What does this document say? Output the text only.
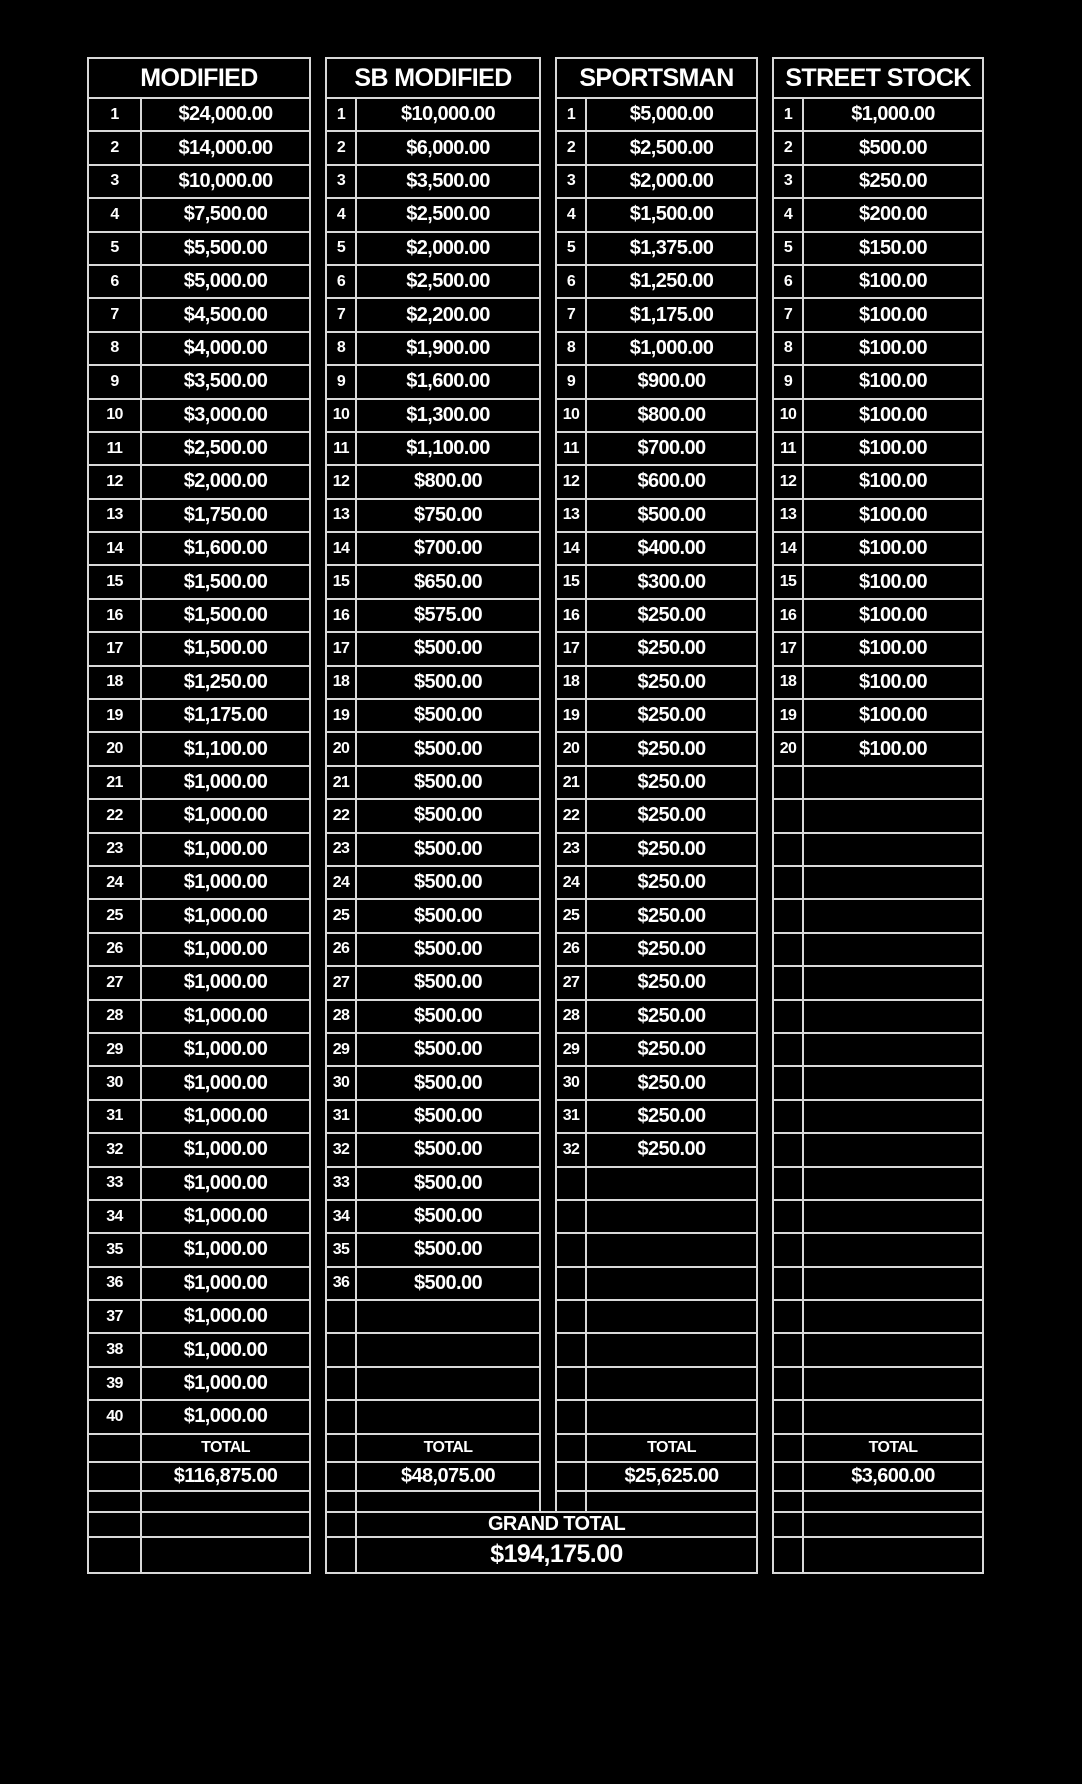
MODIFIED			SB MODIFIED			SPORTSMAN			STREET STOCK	
1	$24,000.00		1	$10,000.00		1	$5,000.00		1	$1,000.00
2	$14,000.00		2	$6,000.00		2	$2,500.00		2	$500.00
3	$10,000.00		3	$3,500.00		3	$2,000.00		3	$250.00
4	$7,500.00		4	$2,500.00		4	$1,500.00		4	$200.00
5	$5,500.00		5	$2,000.00		5	$1,375.00		5	$150.00
6	$5,000.00		6	$2,500.00		6	$1,250.00		6	$100.00
7	$4,500.00		7	$2,200.00		7	$1,175.00		7	$100.00
8	$4,000.00		8	$1,900.00		8	$1,000.00		8	$100.00
9	$3,500.00		9	$1,600.00		9	$900.00		9	$100.00
10	$3,000.00		10	$1,300.00		10	$800.00		10	$100.00
11	$2,500.00		11	$1,100.00		11	$700.00		11	$100.00
12	$2,000.00		12	$800.00		12	$600.00		12	$100.00
13	$1,750.00		13	$750.00		13	$500.00		13	$100.00
14	$1,600.00		14	$700.00		14	$400.00		14	$100.00
15	$1,500.00		15	$650.00		15	$300.00		15	$100.00
16	$1,500.00		16	$575.00		16	$250.00		16	$100.00
17	$1,500.00		17	$500.00		17	$250.00		17	$100.00
18	$1,250.00		18	$500.00		18	$250.00		18	$100.00
19	$1,175.00		19	$500.00		19	$250.00		19	$100.00
20	$1,100.00		20	$500.00		20	$250.00		20	$100.00
21	$1,000.00		21	$500.00		21	$250.00			
22	$1,000.00		22	$500.00		22	$250.00			
23	$1,000.00		23	$500.00		23	$250.00			
24	$1,000.00		24	$500.00		24	$250.00			
25	$1,000.00		25	$500.00		25	$250.00			
26	$1,000.00		26	$500.00		26	$250.00			
27	$1,000.00		27	$500.00		27	$250.00			
28	$1,000.00		28	$500.00		28	$250.00			
29	$1,000.00		29	$500.00		29	$250.00			
30	$1,000.00		30	$500.00		30	$250.00			
31	$1,000.00		31	$500.00		31	$250.00			
32	$1,000.00		32	$500.00		32	$250.00			
33	$1,000.00		33	$500.00						
34	$1,000.00		34	$500.00						
35	$1,000.00		35	$500.00						
36	$1,000.00		36	$500.00						
37	$1,000.00									
38	$1,000.00									
39	$1,000.00									
40	$1,000.00									
	TOTAL			TOTAL			TOTAL			TOTAL
	$116,875.00			$48,075.00			$25,625.00			$3,600.00

				GRAND TOTAL						
				$194,175.00						
